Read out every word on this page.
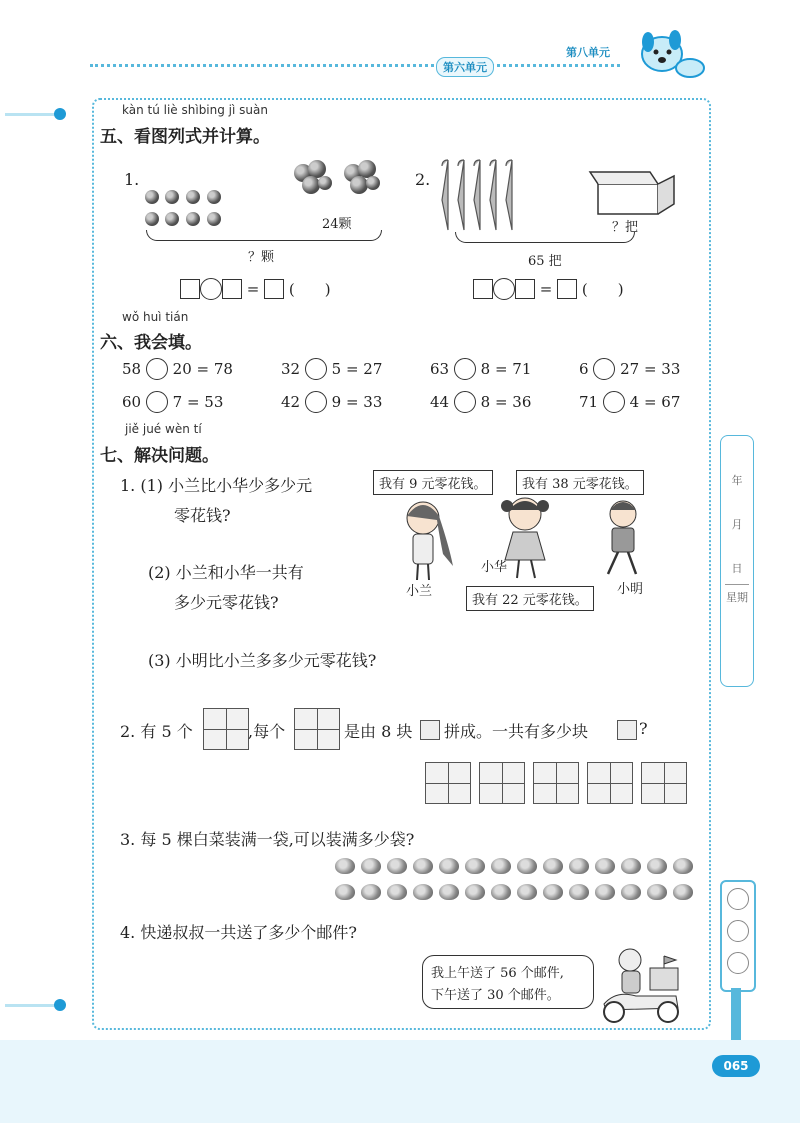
第六单元
第八单元
kàn tú liè shìbing jì suàn
五、看图列式并计算。
1.
24颗
？颗
=  (　　)
2.
？把
65 把
=  (　　)
wǒ huì tián
六、我会填。
58 20 = 78	32 5 = 27	63 8 = 71	6 27 = 33
60 7 = 53	42 9 = 33	44 8 = 36	71 4 = 67
jiě jué wèn tí
七、解决问题。
1. (1) 小兰比小华少多少元
零花钱?
(2) 小兰和小华一共有
多少元零花钱?
(3) 小明比小兰多多少元零花钱?
我有 9 元零花钱。	我有 38 元零花钱。
我有 22 元零花钱。
小兰
小华
小明
2. 有 5 个	,每个	是由 8 块 拼成。一共有多少块	?
3. 每 5 棵白菜装满一袋,可以装满多少袋?
4. 快递叔叔一共送了多少个邮件?
我上午送了 56 个邮件,
下午送了 30 个邮件。
年
月
日
星期
065
